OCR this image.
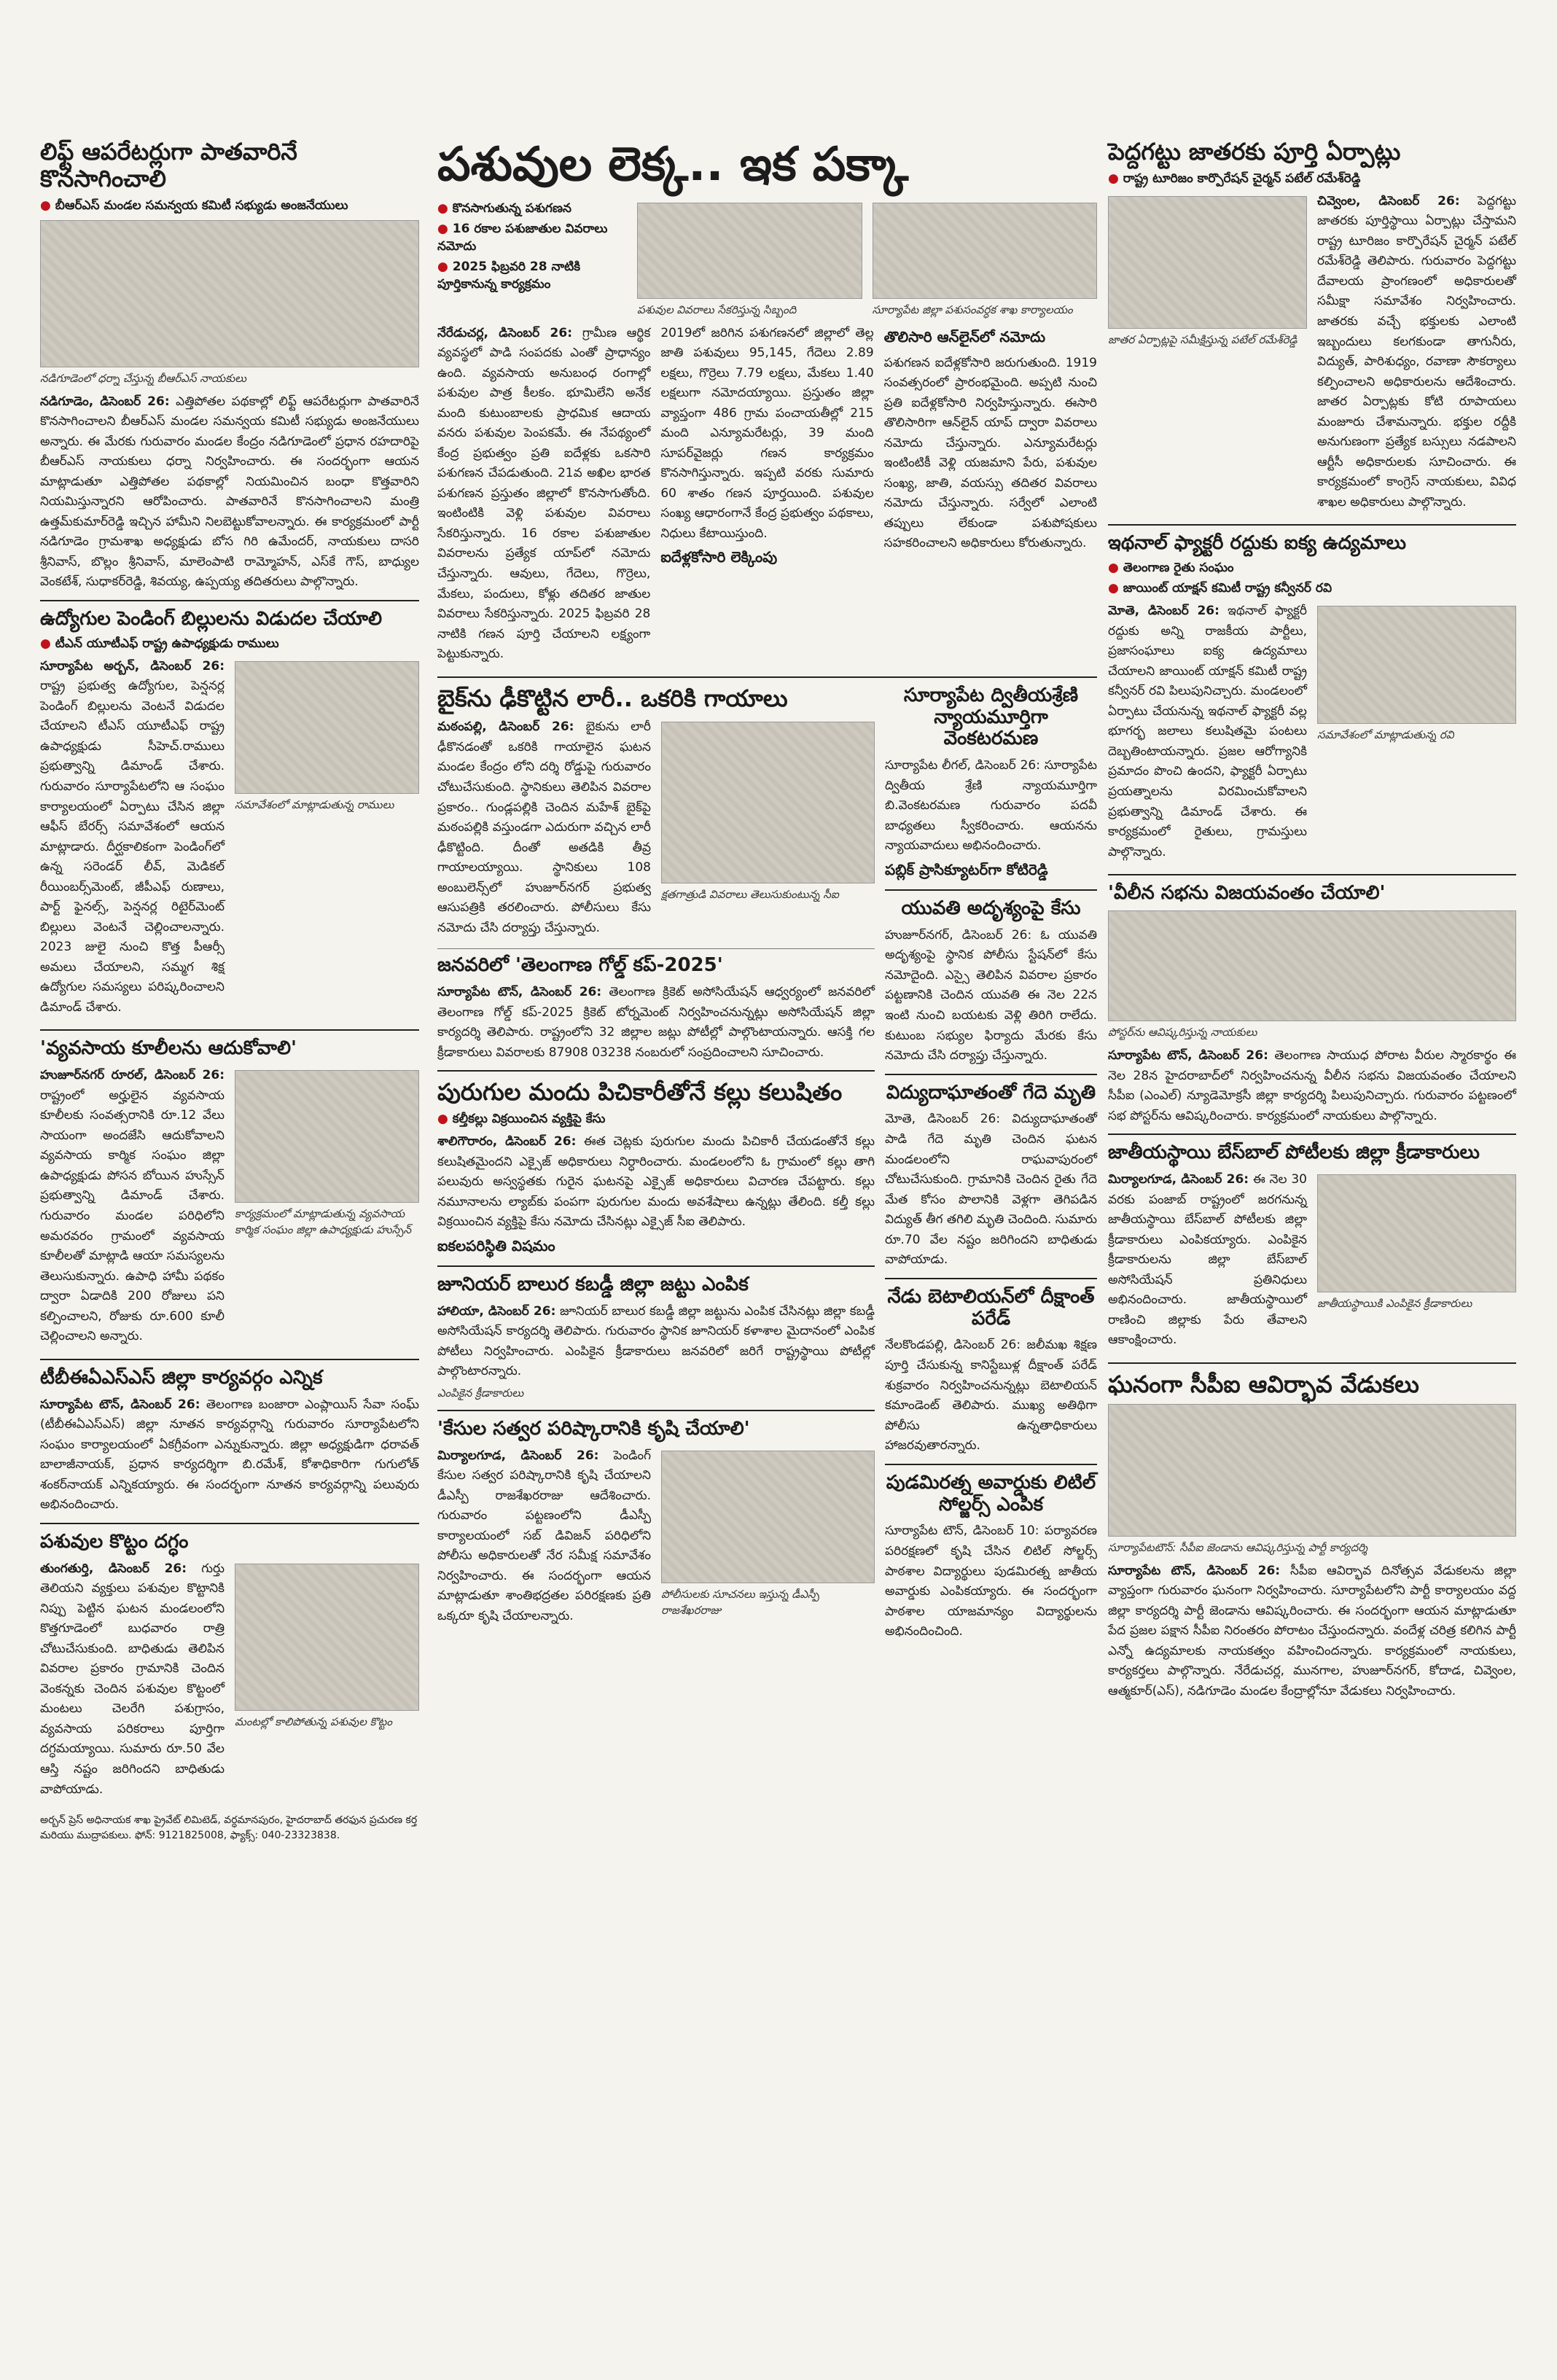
లిఫ్ట్ ఆపరేటర్లుగా పాతవారినే కొనసాగించాలి
● బీఆర్ఎస్ మండల సమన్వయ కమిటీ సభ్యుడు అంజనేయులు
నడిగూడెంలో ధర్నా చేస్తున్న బీఆర్ఎస్ నాయకులు

నడిగూడెం, డిసెంబర్ 26: ఎత్తిపోతల పథకాల్లో లిఫ్ట్ ఆపరేటర్లుగా పాతవారినే కొనసాగించాలని బీఆర్ఎస్ మండల సమన్వయ కమిటీ సభ్యుడు అంజనేయులు అన్నారు. ఈ మేరకు గురువారం మండల కేంద్రం నడిగూడెంలో ప్రధాన రహదారిపై బీఆర్ఎస్ నాయకులు ధర్నా నిర్వహించారు. ఈ సందర్భంగా ఆయన మాట్లాడుతూ ఎత్తిపోతల పథకాల్లో నియమించిన బంధా కొత్తవారిని నియమిస్తున్నారని ఆరోపించారు. పాతవారినే కొనసాగించాలని మంత్రి ఉత్తమ్‌కుమార్‌రెడ్డి ఇచ్చిన హామీని నిలబెట్టుకోవాలన్నారు. ఈ కార్యక్రమంలో పార్టీ నడిగూడెం గ్రామశాఖ అధ్యక్షుడు బోస గిరి ఉమేందర్, నాయకులు దాసరి శ్రీనివాస్, బొల్లం శ్రీనివాస్, మాలెంపాటి రామ్మోహన్, ఎస్‌కే గౌస్, బాధ్యుల వెంకటేశ్, సుధాకర్‌రెడ్డి, శివయ్య, ఉప్పయ్య తదితరులు పాల్గొన్నారు.

ఉద్యోగుల పెండింగ్ బిల్లులను విడుదల చేయాలి
● టీఎన్ యూటీఎఫ్ రాష్ట్ర ఉపాధ్యక్షుడు రాములు

సూర్యాపేట అర్బన్, డిసెంబర్ 26: రాష్ట్ర ప్రభుత్వ ఉద్యోగుల, పెన్షనర్ల పెండింగ్ బిల్లులను వెంటనే విడుదల చేయాలని టీఎస్ యూటీఎఫ్ రాష్ట్ర ఉపాధ్యక్షుడు సీహెచ్.రాములు ప్రభుత్వాన్ని డిమాండ్ చేశారు. గురువారం సూర్యాపేటలోని ఆ సంఘం కార్యాలయంలో ఏర్పాటు చేసిన జిల్లా ఆఫీస్ బేరర్స్ సమావేశంలో ఆయన మాట్లాడారు. దీర్ఘకాలికంగా పెండింగ్‌లో ఉన్న సరెండర్ లీవ్, మెడికల్ రీయింబర్స్‌మెంట్, జీపీఎఫ్ రుణాలు, పార్ట్ ఫైనల్స్, పెన్షనర్ల రిటైర్‌మెంట్ బిల్లులు వెంటనే చెల్లించాలన్నారు. 2023 జులై నుంచి కొత్త పీఆర్సీ అమలు చేయాలని, సమ్మగ శిక్ష ఉద్యోగుల సమస్యలు పరిష్కరించాలని డిమాండ్ చేశారు.

సమావేశంలో మాట్లాడుతున్న రాములు
'వ్యవసాయ కూలీలను ఆదుకోవాలి'

హుజూర్‌నగర్ రూరల్, డిసెంబర్ 26: రాష్ట్రంలో అర్హులైన వ్యవసాయ కూలీలకు సంవత్సరానికి రూ.12 వేలు సాయంగా అందజేసి ఆదుకోవాలని వ్యవసాయ కార్మిక సంఘం జిల్లా ఉపాధ్యక్షుడు పోసన బోయిన హుస్సేన్ ప్రభుత్వాన్ని డిమాండ్ చేశారు. గురువారం మండల పరిధిలోని అమరవరం గ్రామంలో వ్యవసాయ కూలీలతో మాట్లాడి ఆయా సమస్యలను తెలుసుకున్నారు. ఉపాధి హామీ పథకం ద్వారా ఏడాదికి 200 రోజులు పని కల్పించాలని, రోజుకు రూ.600 కూలీ చెల్లించాలని అన్నారు.

కార్యక్రమంలో మాట్లాడుతున్న వ్యవసాయ కార్మిక సంఘం జిల్లా ఉపాధ్యక్షుడు హుస్సేన్
టీబీఈఏఎస్ఎస్ జిల్లా కార్యవర్గం ఎన్నిక

సూర్యాపేట టౌన్, డిసెంబర్ 26: తెలంగాణ బంజారా ఎంప్లాయిస్ సేవా సంఘ్ (టీబీఈఏఎస్ఎస్) జిల్లా నూతన కార్యవర్గాన్ని గురువారం సూర్యాపేటలోని సంఘం కార్యాలయంలో ఏకగ్రీవంగా ఎన్నుకున్నారు. జిల్లా అధ్యక్షుడిగా ధరావత్ బాలాజీనాయక్, ప్రధాన కార్యదర్శిగా బి.రమేశ్, కోశాధికారిగా గుగులోత్ శంకర్‌నాయక్ ఎన్నికయ్యారు. ఈ సందర్భంగా నూతన కార్యవర్గాన్ని పలువురు అభినందించారు.

పశువుల కొట్టం దగ్ధం

తుంగతుర్తి, డిసెంబర్ 26: గుర్తు తెలియని వ్యక్తులు పశువుల కొట్టానికి నిప్పు పెట్టిన ఘటన మండలంలోని కొత్తగూడెంలో బుధవారం రాత్రి చోటుచేసుకుంది. బాధితుడు తెలిపిన వివరాల ప్రకారం గ్రామానికి చెందిన వెంకన్నకు చెందిన పశువుల కొట్టంలో మంటలు చెలరేగి పశుగ్రాసం, వ్యవసాయ పరికరాలు పూర్తిగా దగ్ధమయ్యాయి. సుమారు రూ.50 వేల ఆస్తి నష్టం జరిగిందని బాధితుడు వాపోయాడు.

మంటల్లో కాలిపోతున్న పశువుల కొట్టం
అర్బన్ ప్రెస్ అధినాయక శాఖ ప్రైవేట్ లిమిటెడ్, వర్ధమానపురం, హైదరాబాద్ తరఫున ప్రచురణ కర్త మరియు ముద్రాపకులు. ఫోన్: 9121825008, ఫ్యాక్స్: 040-23323838.
పశువుల లెక్క.. ఇక పక్కా
● కొనసాగుతున్న పశుగణన
● 16 రకాల పశుజాతుల వివరాలు నమోదు
● 2025 ఫిబ్రవరి 28 నాటికి పూర్తికానున్న కార్యక్రమం
పశువుల వివరాలు సేకరిస్తున్న సిబ్బంది	సూర్యాపేట జిల్లా పశుసంవర్ధక శాఖ కార్యాలయం

నేరేడుచర్ల, డిసెంబర్ 26: గ్రామీణ ఆర్థిక వ్యవస్థలో పాడి సంపదకు ఎంతో ప్రాధాన్యం ఉంది. వ్యవసాయ అనుబంధ రంగాల్లో పశువుల పాత్ర కీలకం. భూమిలేని అనేక మంది కుటుంబాలకు ప్రాధమిక ఆదాయ వనరు పశువుల పెంపకమే. ఈ నేపథ్యంలో కేంద్ర ప్రభుత్వం ప్రతి ఐదేళ్లకు ఒకసారి పశుగణన చేపడుతుంది. 21వ అఖిల భారత పశుగణన ప్రస్తుతం జిల్లాలో కొనసాగుతోంది. ఇంటింటికి వెళ్లి పశువుల వివరాలు సేకరిస్తున్నారు. 16 రకాల పశుజాతుల వివరాలను ప్రత్యేక యాప్‌లో నమోదు చేస్తున్నారు. ఆవులు, గేదెలు, గొర్రెలు, మేకలు, పందులు, కోళ్లు తదితర జాతుల వివరాలు సేకరిస్తున్నారు. 2025 ఫిబ్రవరి 28 నాటికి గణన పూర్తి చేయాలని లక్ష్యంగా పెట్టుకున్నారు.

2019లో జరిగిన పశుగణనలో జిల్లాలో తెల్ల జాతి పశువులు 95,145, గేదెలు 2.89 లక్షలు, గొర్రెలు 7.79 లక్షలు, మేకలు 1.40 లక్షలుగా నమోదయ్యాయి. ప్రస్తుతం జిల్లా వ్యాప్తంగా 486 గ్రామ పంచాయతీల్లో 215 మంది ఎన్యూమరేటర్లు, 39 మంది సూపర్‌వైజర్లు గణన కార్యక్రమం కొనసాగిస్తున్నారు. ఇప్పటి వరకు సుమారు 60 శాతం గణన పూర్తయింది. పశువుల సంఖ్య ఆధారంగానే కేంద్ర ప్రభుత్వం పథకాలు, నిధులు కేటాయిస్తుంది.

ఐదేళ్లకోసారి లెక్కింపు
తొలిసారి ఆన్‌లైన్‌లో నమోదు

పశుగణన ఐదేళ్లకోసారి జరుగుతుంది. 1919 సంవత్సరంలో ప్రారంభమైంది. అప్పటి నుంచి ప్రతి ఐదేళ్లకోసారి నిర్వహిస్తున్నారు. ఈసారి తొలిసారిగా ఆన్‌లైన్ యాప్ ద్వారా వివరాలు నమోదు చేస్తున్నారు. ఎన్యూమరేటర్లు ఇంటింటికీ వెళ్లి యజమాని పేరు, పశువుల సంఖ్య, జాతి, వయస్సు తదితర వివరాలు నమోదు చేస్తున్నారు. సర్వేలో ఎలాంటి తప్పులు లేకుండా పశుపోషకులు సహకరించాలని అధికారులు కోరుతున్నారు.

బైక్‌ను ఢీకొట్టిన లారీ.. ఒకరికి గాయాలు

మఠంపల్లి, డిసెంబర్ 26: బైకును లారీ ఢీకొనడంతో ఒకరికి గాయాలైన ఘటన మండల కేంద్రం లోని దర్శి రోడ్డుపై గురువారం చోటుచేసుకుంది. స్థానికులు తెలిపిన వివరాల ప్రకారం.. గుండ్లపల్లికి చెందిన మహేశ్ బైక్‌పై మఠంపల్లికి వస్తుండగా ఎదురుగా వచ్చిన లారీ ఢీకొట్టింది. దీంతో అతడికి తీవ్ర గాయాలయ్యాయి. స్థానికులు 108 అంబులెన్స్‌లో హుజూర్‌నగర్ ప్రభుత్వ ఆసుపత్రికి తరలించారు. పోలీసులు కేసు నమోదు చేసి దర్యాప్తు చేస్తున్నారు.

క్షతగాత్రుడి వివరాలు తెలుసుకుంటున్న సీఐ
జనవరిలో 'తెలంగాణ గోల్డ్ కప్-2025'

సూర్యాపేట టౌన్, డిసెంబర్ 26: తెలంగాణ క్రికెట్ అసోసియేషన్ ఆధ్వర్యంలో జనవరిలో తెలంగాణ గోల్డ్ కప్-2025 క్రికెట్ టోర్నమెంట్ నిర్వహించనున్నట్లు అసోసియేషన్ జిల్లా కార్యదర్శి తెలిపారు. రాష్ట్రంలోని 32 జిల్లాల జట్లు పోటీల్లో పాల్గొంటాయన్నారు. ఆసక్తి గల క్రీడాకారులు వివరాలకు 87908 03238 నంబరులో సంప్రదించాలని సూచించారు.

పురుగుల మందు పిచికారీతోనే కల్లు కలుషితం
● కల్తీకల్లు విక్రయించిన వ్యక్తిపై కేసు

శాలిగౌరారం, డిసెంబర్ 26: ఈత చెట్లకు పురుగుల మందు పిచికారీ చేయడంతోనే కల్లు కలుషితమైందని ఎక్సైజ్ అధికారులు నిర్ధారించారు. మండలంలోని ఓ గ్రామంలో కల్లు తాగి పలువురు అస్వస్థతకు గురైన ఘటనపై ఎక్సైజ్ అధికారులు విచారణ చేపట్టారు. కల్లు నమూనాలను ల్యాబ్‌కు పంపగా పురుగుల మందు అవశేషాలు ఉన్నట్లు తేలింది. కల్తీ కల్లు విక్రయించిన వ్యక్తిపై కేసు నమోదు చేసినట్లు ఎక్సైజ్ సీఐ తెలిపారు.

ఐకలపరిస్థితి విషమం
జూనియర్ బాలుర కబడ్డీ జిల్లా జట్టు ఎంపిక

హాలియా, డిసెంబర్ 26: జూనియర్ బాలుర కబడ్డీ జిల్లా జట్టును ఎంపిక చేసినట్లు జిల్లా కబడ్డీ అసోసియేషన్ కార్యదర్శి తెలిపారు. గురువారం స్థానిక జూనియర్ కళాశాల మైదానంలో ఎంపిక పోటీలు నిర్వహించారు. ఎంపికైన క్రీడాకారులు జనవరిలో జరిగే రాష్ట్రస్థాయి పోటీల్లో పాల్గొంటారన్నారు.

ఎంపికైన క్రీడాకారులు
'కేసుల సత్వర పరిష్కారానికి కృషి చేయాలి'

మిర్యాలగూడ, డిసెంబర్ 26: పెండింగ్ కేసుల సత్వర పరిష్కారానికి కృషి చేయాలని డీఎస్పీ రాజశేఖరరాజు ఆదేశించారు. గురువారం పట్టణంలోని డీఎస్పీ కార్యాలయంలో సబ్ డివిజన్ పరిధిలోని పోలీసు అధికారులతో నేర సమీక్ష సమావేశం నిర్వహించారు. ఈ సందర్భంగా ఆయన మాట్లాడుతూ శాంతిభద్రతల పరిరక్షణకు ప్రతి ఒక్కరూ కృషి చేయాలన్నారు.

పోలీసులకు సూచనలు ఇస్తున్న డీఎస్పీ రాజశేఖరరాజు
సూర్యాపేట ద్వితీయశ్రేణి న్యాయమూర్తిగా వెంకటరమణ

సూర్యాపేట లీగల్, డిసెంబర్ 26: సూర్యాపేట ద్వితీయ శ్రేణి న్యాయమూర్తిగా బి.వెంకటరమణ గురువారం పదవీ బాధ్యతలు స్వీకరించారు. ఆయనను న్యాయవాదులు అభినందించారు.

పబ్లిక్ ప్రాసిక్యూటర్‌గా కోటిరెడ్డి
యువతి అదృశ్యంపై కేసు

హుజూర్‌నగర్, డిసెంబర్ 26: ఓ యువతి అదృశ్యంపై స్థానిక పోలీసు స్టేషన్‌లో కేసు నమోదైంది. ఎస్సై తెలిపిన వివరాల ప్రకారం పట్టణానికి చెందిన యువతి ఈ నెల 22న ఇంటి నుంచి బయటకు వెళ్లి తిరిగి రాలేదు. కుటుంబ సభ్యుల ఫిర్యాదు మేరకు కేసు నమోదు చేసి దర్యాప్తు చేస్తున్నారు.

విద్యుదాఘాతంతో గేదె మృతి

మోతె, డిసెంబర్ 26: విద్యుదాఘాతంతో పాడి గేదె మృతి చెందిన ఘటన మండలంలోని రాఘవాపురంలో చోటుచేసుకుంది. గ్రామానికి చెందిన రైతు గేదె మేత కోసం పొలానికి వెళ్లగా తెగిపడిన విద్యుత్ తీగ తగిలి మృతి చెందింది. సుమారు రూ.70 వేల నష్టం జరిగిందని బాధితుడు వాపోయాడు.

నేడు బెటాలియన్‌లో దీక్షాంత్ పరేడ్

నేలకొండపల్లి, డిసెంబర్ 26: జలీమఖ శిక్షణ పూర్తి చేసుకున్న కానిస్టేబుళ్ల దీక్షాంత్ పరేడ్ శుక్రవారం నిర్వహించనున్నట్లు బెటాలియన్ కమాండెంట్ తెలిపారు. ముఖ్య అతిథిగా పోలీసు ఉన్నతాధికారులు హాజరవుతారన్నారు.

పుడమిరత్న అవార్డుకు లిటిల్ సోల్జర్స్ ఎంపిక

సూర్యాపేట టౌన్, డిసెంబర్ 10: పర్యావరణ పరిరక్షణలో కృషి చేసిన లిటిల్ సోల్జర్స్ పాఠశాల విద్యార్థులు పుడమిరత్న జాతీయ అవార్డుకు ఎంపికయ్యారు. ఈ సందర్భంగా పాఠశాల యాజమాన్యం విద్యార్థులను అభినందించింది.

పెద్దగట్టు జాతరకు పూర్తి ఏర్పాట్లు
● రాష్ట్ర టూరిజం కార్పొరేషన్ చైర్మన్ పటేల్ రమేశ్‌రెడ్డి
జాతర ఏర్పాట్లపై సమీక్షిస్తున్న పటేల్ రమేశ్‌రెడ్డి

చివ్వెంల, డిసెంబర్ 26: పెద్దగట్టు జాతరకు పూర్తిస్థాయి ఏర్పాట్లు చేస్తామని రాష్ట్ర టూరిజం కార్పొరేషన్ చైర్మన్ పటేల్ రమేశ్‌రెడ్డి తెలిపారు. గురువారం పెద్దగట్టు దేవాలయ ప్రాంగణంలో అధికారులతో సమీక్షా సమావేశం నిర్వహించారు. జాతరకు వచ్చే భక్తులకు ఎలాంటి ఇబ్బందులు కలగకుండా తాగునీరు, విద్యుత్, పారిశుధ్యం, రవాణా సౌకర్యాలు కల్పించాలని అధికారులను ఆదేశించారు. జాతర ఏర్పాట్లకు కోటి రూపాయలు మంజూరు చేశామన్నారు. భక్తుల రద్దీకి అనుగుణంగా ప్రత్యేక బస్సులు నడపాలని ఆర్టీసీ అధికారులకు సూచించారు. ఈ కార్యక్రమంలో కాంగ్రెస్ నాయకులు, వివిధ శాఖల అధికారులు పాల్గొన్నారు.

ఇథనాల్ ఫ్యాక్టరీ రద్దుకు ఐక్య ఉద్యమాలు
● తెలంగాణ రైతు సంఘం
● జాయింట్ యాక్షన్ కమిటీ రాష్ట్ర కన్వీనర్ రవి

మోతె, డిసెంబర్ 26: ఇథనాల్ ఫ్యాక్టరీ రద్దుకు అన్ని రాజకీయ పార్టీలు, ప్రజాసంఘాలు ఐక్య ఉద్యమాలు చేయాలని జాయింట్ యాక్షన్ కమిటీ రాష్ట్ర కన్వీనర్ రవి పిలుపునిచ్చారు. మండలంలో ఏర్పాటు చేయనున్న ఇథనాల్ ఫ్యాక్టరీ వల్ల భూగర్భ జలాలు కలుషితమై పంటలు దెబ్బతింటాయన్నారు. ప్రజల ఆరోగ్యానికి ప్రమాదం పొంచి ఉందని, ఫ్యాక్టరీ ఏర్పాటు ప్రయత్నాలను విరమించుకోవాలని ప్రభుత్వాన్ని డిమాండ్ చేశారు. ఈ కార్యక్రమంలో రైతులు, గ్రామస్తులు పాల్గొన్నారు.

సమావేశంలో మాట్లాడుతున్న రవి
'వీలీన సభను విజయవంతం చేయాలి'
పోస్టర్‌ను ఆవిష్కరిస్తున్న నాయకులు

సూర్యాపేట టౌన్, డిసెంబర్ 26: తెలంగాణ సాయుధ పోరాట వీరుల స్మారకార్థం ఈ నెల 28న హైదరాబాద్‌లో నిర్వహించనున్న వీలీన సభను విజయవంతం చేయాలని సీపీఐ (ఎంఎల్) న్యూడెమోక్రసీ జిల్లా కార్యదర్శి పిలుపునిచ్చారు. గురువారం పట్టణంలో సభ పోస్టర్‌ను ఆవిష్కరించారు. కార్యక్రమంలో నాయకులు పాల్గొన్నారు.

జాతీయస్థాయి బేస్‌బాల్ పోటీలకు జిల్లా క్రీడాకారులు

మిర్యాలగూడ, డిసెంబర్ 26: ఈ నెల 30 వరకు పంజాబ్ రాష్ట్రంలో జరగనున్న జాతీయస్థాయి బేస్‌బాల్ పోటీలకు జిల్లా క్రీడాకారులు ఎంపికయ్యారు. ఎంపికైన క్రీడాకారులను జిల్లా బేస్‌బాల్ అసోసియేషన్ ప్రతినిధులు అభినందించారు. జాతీయస్థాయిలో రాణించి జిల్లాకు పేరు తేవాలని ఆకాంక్షించారు.

జాతీయస్థాయికి ఎంపికైన క్రీడాకారులు
ఘనంగా సీపీఐ ఆవిర్భావ వేడుకలు
సూర్యాపేటటౌన్: సీపీఐ జెండాను ఆవిష్కరిస్తున్న పార్టీ కార్యదర్శి

సూర్యాపేట టౌన్, డిసెంబర్ 26: సీపీఐ ఆవిర్భావ దినోత్సవ వేడుకలను జిల్లా వ్యాప్తంగా గురువారం ఘనంగా నిర్వహించారు. సూర్యాపేటలోని పార్టీ కార్యాలయం వద్ద జిల్లా కార్యదర్శి పార్టీ జెండాను ఆవిష్కరించారు. ఈ సందర్భంగా ఆయన మాట్లాడుతూ పేద ప్రజల పక్షాన సీపీఐ నిరంతరం పోరాటం చేస్తుందన్నారు. వందేళ్ల చరిత్ర కలిగిన పార్టీ ఎన్నో ఉద్యమాలకు నాయకత్వం వహించిందన్నారు. కార్యక్రమంలో నాయకులు, కార్యకర్తలు పాల్గొన్నారు. నేరేడుచర్ల, మునగాల, హుజూర్‌నగర్, కోదాడ, చివ్వెంల, ఆత్మకూర్(ఎస్), నడిగూడెం మండల కేంద్రాల్లోనూ వేడుకలు నిర్వహించారు.
